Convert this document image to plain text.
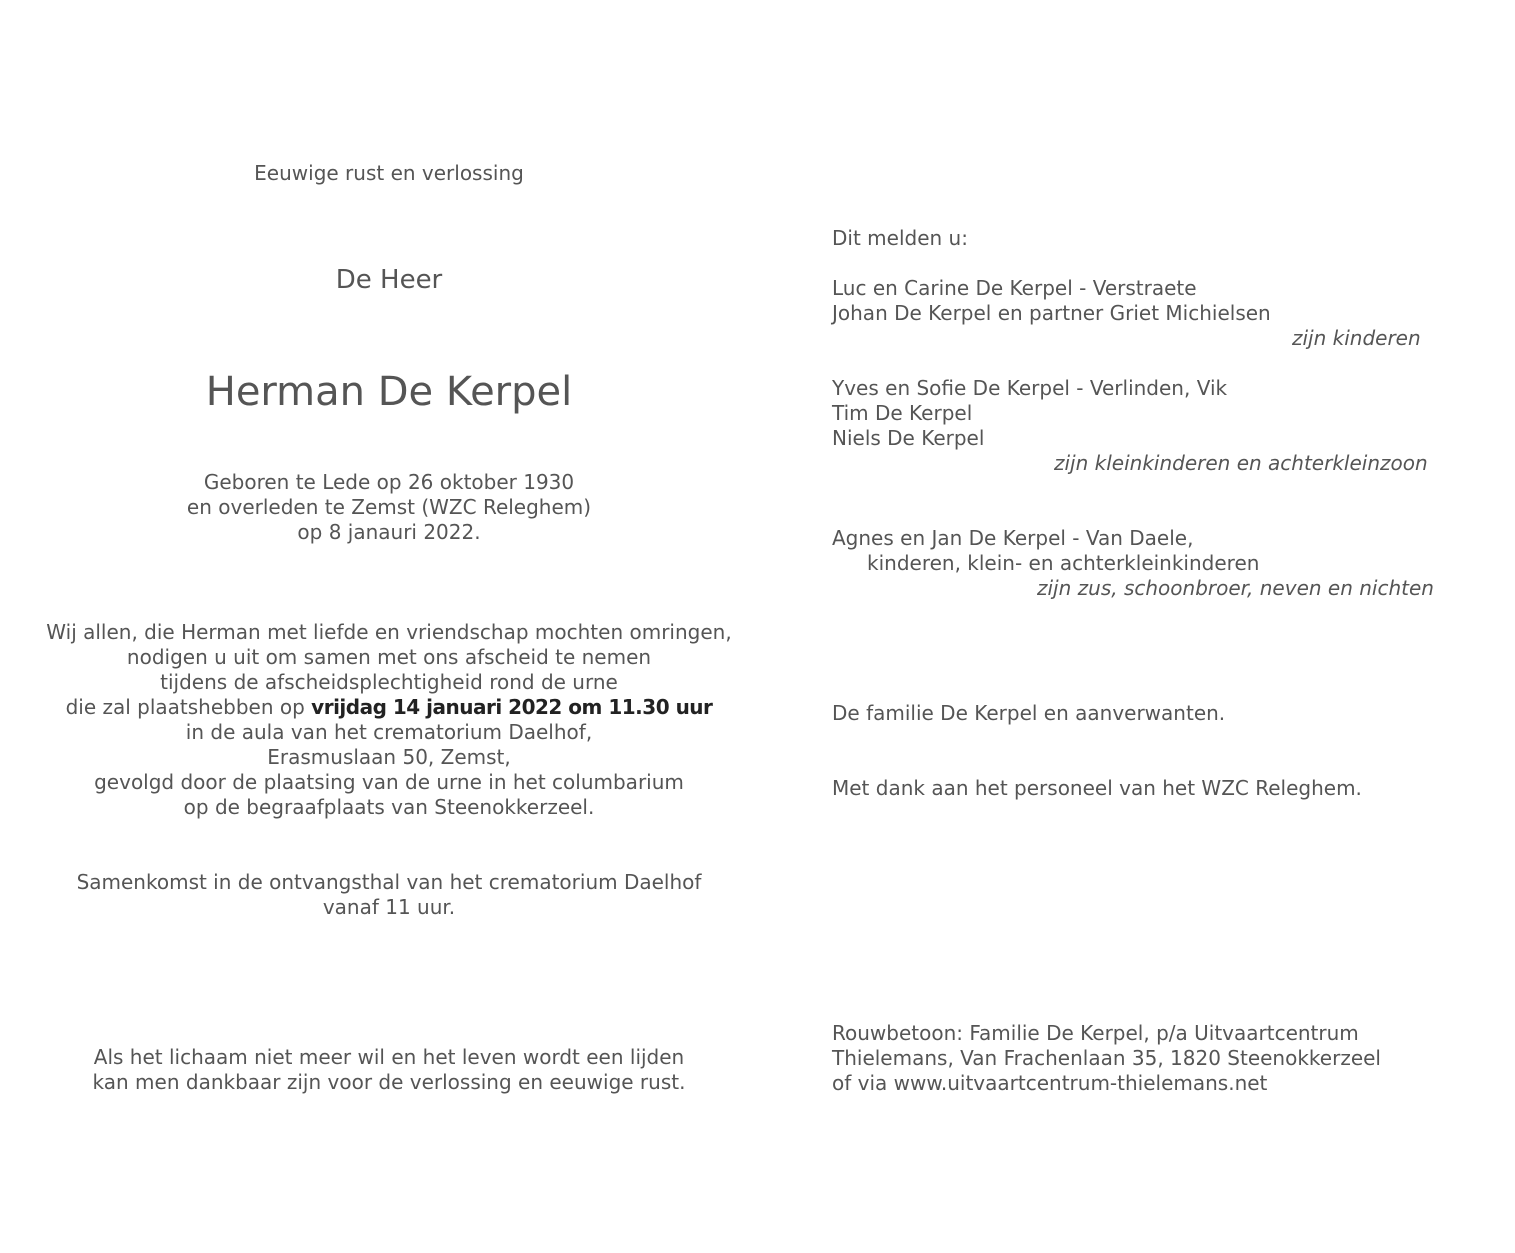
Eeuwige rust en verlossing
De Heer
Herman De Kerpel
Geboren te Lede op 26 oktober 1930
en overleden te Zemst (WZC Releghem)
op 8 janauri 2022.
Wij allen, die Herman met liefde en vriendschap mochten omringen,
nodigen u uit om samen met ons afscheid te nemen
tijdens de afscheidsplechtigheid rond de urne
die zal plaatshebben op vrijdag 14 januari 2022 om 11.30 uur
in de aula van het crematorium Daelhof,
Erasmuslaan 50, Zemst,
gevolgd door de plaatsing van de urne in het columbarium
op de begraafplaats van Steenokkerzeel.
Samenkomst in de ontvangsthal van het crematorium Daelhof
vanaf 11 uur.
Als het lichaam niet meer wil en het leven wordt een lijden
kan men dankbaar zijn voor de verlossing en eeuwige rust.
Dit melden u:
Luc en Carine De Kerpel - Verstraete
Johan De Kerpel en partner Griet Michielsen
zijn kinderen
Yves en Sofie De Kerpel - Verlinden, Vik
Tim De Kerpel
Niels De Kerpel
zijn kleinkinderen en achterkleinzoon
Agnes en Jan De Kerpel - Van Daele,
kinderen, klein- en achterkleinkinderen
zijn zus, schoonbroer, neven en nichten
De familie De Kerpel en aanverwanten.
Met dank aan het personeel van het WZC Releghem.
Rouwbetoon: Familie De Kerpel, p/a Uitvaartcentrum
Thielemans, Van Frachenlaan 35, 1820 Steenokkerzeel
of via www.uitvaartcentrum-thielemans.net
